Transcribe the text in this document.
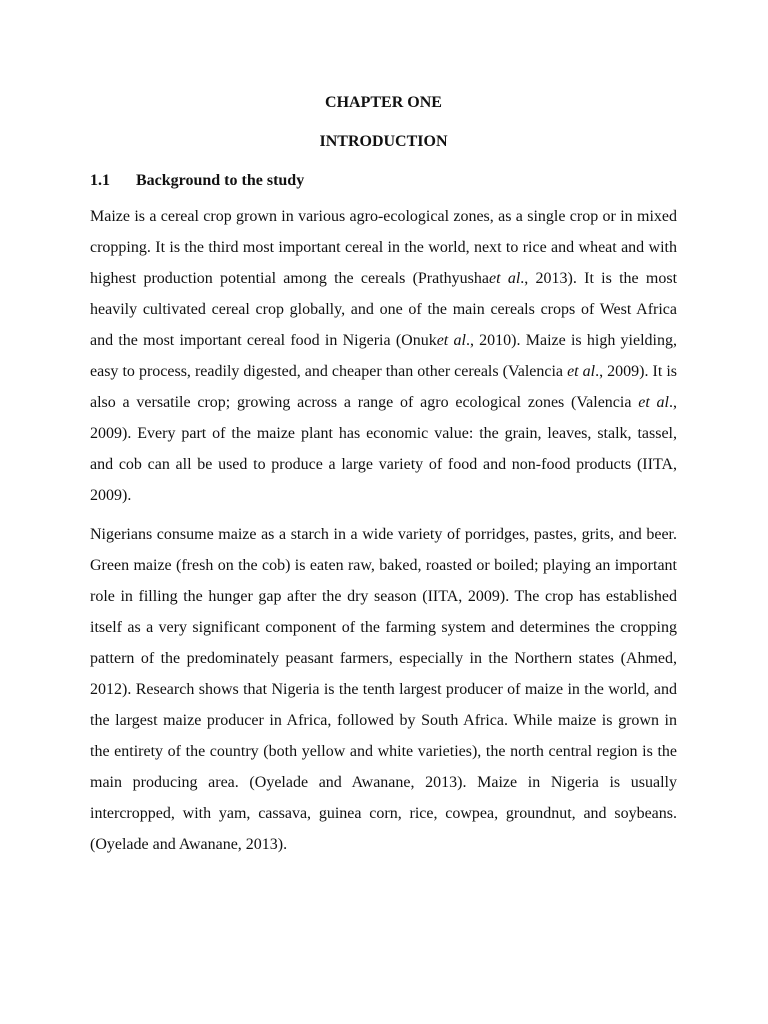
CHAPTER ONE
INTRODUCTION
1.1	Background to the study

Maize is a cereal crop grown in various agro-ecological zones, as a single crop or in mixed cropping. It is the third most important cereal in the world, next to rice and wheat and with highest production potential among the cereals (Prathyushaet al., 2013). It is the most heavily cultivated cereal crop globally, and one of the main cereals crops of West Africa and the most important cereal food in Nigeria (Onuket al., 2010). Maize is high yielding, easy to process, readily digested, and cheaper than other cereals (Valencia et al., 2009). It is also a versatile crop; growing across a range of agro ecological zones (Valencia et al., 2009). Every part of the maize plant has economic value: the grain, leaves, stalk, tassel, and cob can all be used to produce a large variety of food and non-food products (IITA, 2009).

Nigerians consume maize as a starch in a wide variety of porridges, pastes, grits, and beer. Green maize (fresh on the cob) is eaten raw, baked, roasted or boiled; playing an important role in filling the hunger gap after the dry season (IITA, 2009). The crop has established itself as a very significant component of the farming system and determines the cropping pattern of the predominately peasant farmers, especially in the Northern states (Ahmed, 2012). Research shows that Nigeria is the tenth largest producer of maize in the world, and the largest maize producer in Africa, followed by South Africa. While maize is grown in the entirety of the country (both yellow and white varieties), the north central region is the main producing area. (Oyelade and Awanane, 2013). Maize in Nigeria is usually intercropped, with yam, cassava, guinea corn, rice, cowpea, groundnut, and soybeans. (Oyelade and Awanane, 2013).
